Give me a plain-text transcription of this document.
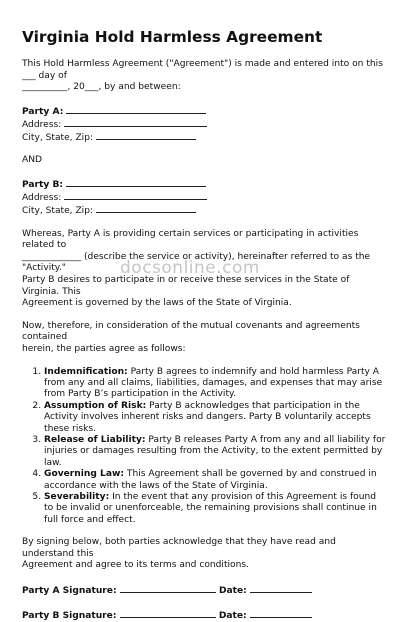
Virginia Hold Harmless Agreement

This Hold Harmless Agreement ("Agreement") is made and entered into on this ___ day of

__________, 20___, by and between:

Party A:

Address:

City, State, Zip:

AND

Party B:

Address:

City, State, Zip:

Whereas, Party A is providing certain services or participating in activities related to

_____________ (describe the service or activity), hereinafter referred to as the "Activity."

Party B desires to participate in or receive these services in the State of Virginia. This

Agreement is governed by the laws of the State of Virginia.

Now, therefore, in consideration of the mutual covenants and agreements contained

herein, the parties agree as follows:

1. Indemnification: Party B agrees to indemnify and hold harmless Party A from any and all claims, liabilities, damages, and expenses that may arise from Party B’s participation in the Activity.
2. Assumption of Risk: Party B acknowledges that participation in the Activity involves inherent risks and dangers. Party B voluntarily accepts these risks.
3. Release of Liability: Party B releases Party A from any and all liability for injuries or damages resulting from the Activity, to the extent permitted by law.
4. Governing Law: This Agreement shall be governed by and construed in accordance with the laws of the State of Virginia.
5. Severability: In the event that any provision of this Agreement is found to be invalid or unenforceable, the remaining provisions shall continue in full force and effect.

By signing below, both parties acknowledge that they have read and understand this

Agreement and agree to its terms and conditions.

Party A Signature:	Date:
Party B Signature:	Date:
docsonline.com
